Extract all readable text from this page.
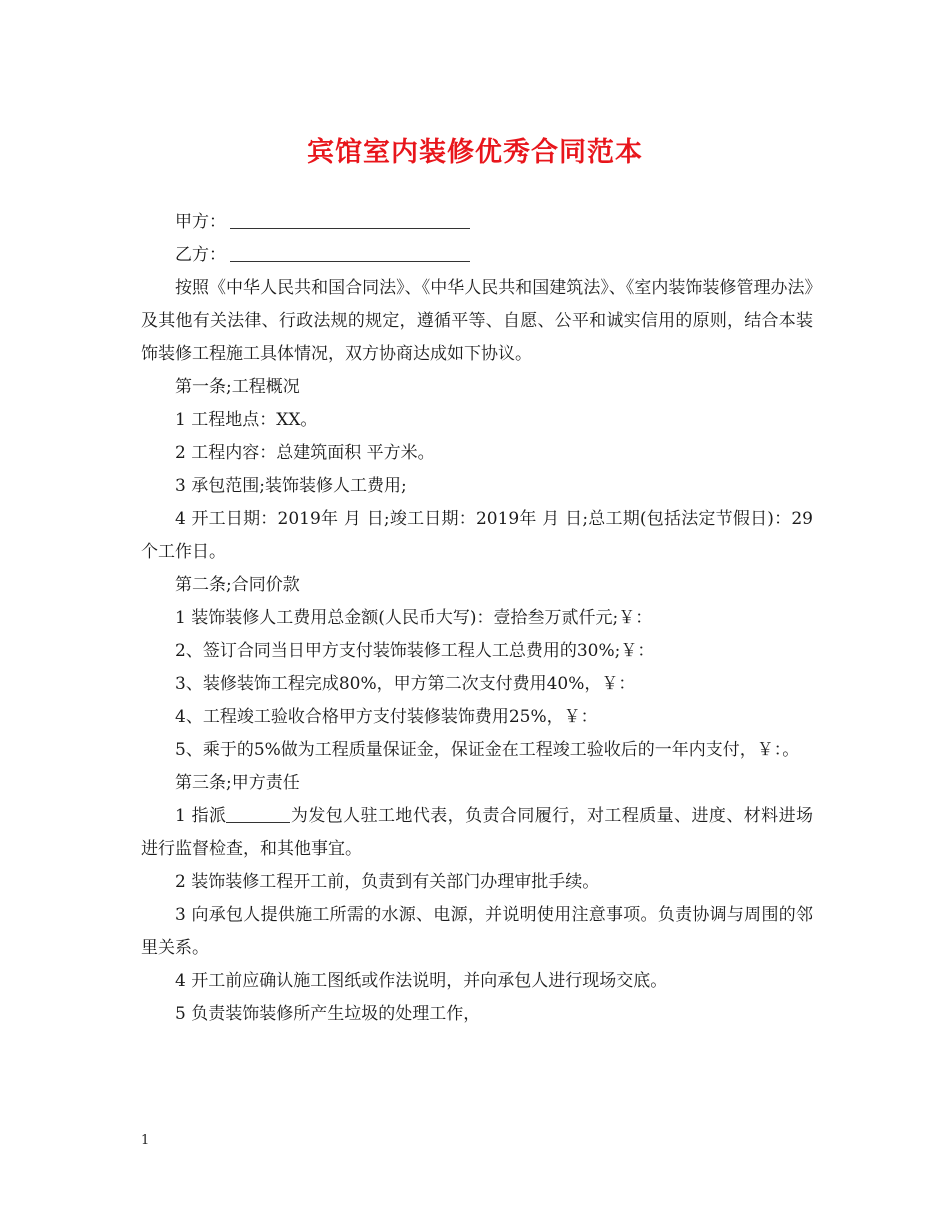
宾馆室内装修优秀合同范本

甲方：

乙方：

按照《中华人民共和国合同法》、《中华人民共和国建筑法》、《室内装饰装修管理办法》及其他有关法律、行政法规的规定，遵循平等、自愿、公平和诚实信用的原则，结合本装饰装修工程施工具体情况，双方协商达成如下协议。

第一条;工程概况

1 工程地点：XX。

2 工程内容：总建筑面积 平方米。

3 承包范围;装饰装修人工费用;

4 开工日期：2019年 月 日;竣工日期：2019年 月 日;总工期(包括法定节假日)：29个工作日。

第二条;合同价款

1 装饰装修人工费用总金额(人民币大写)：壹拾叁万贰仟元;￥：

2、签订合同当日甲方支付装饰装修工程人工总费用的30%;￥：

3、装修装饰工程完成80%，甲方第二次支付费用40%，￥：

4、工程竣工验收合格甲方支付装修装饰费用25%，￥：

5、乘于的5%做为工程质量保证金，保证金在工程竣工验收后的一年内支付，￥：。

第三条;甲方责任

1 指派	为发包人驻工地代表，负责合同履行，对工程质量、进度、材料进场进行监督检查，和其他事宜。

2 装饰装修工程开工前，负责到有关部门办理审批手续。

3 向承包人提供施工所需的水源、电源，并说明使用注意事项。负责协调与周围的邻里关系。

4 开工前应确认施工图纸或作法说明，并向承包人进行现场交底。

5 负责装饰装修所产生垃圾的处理工作，

1
